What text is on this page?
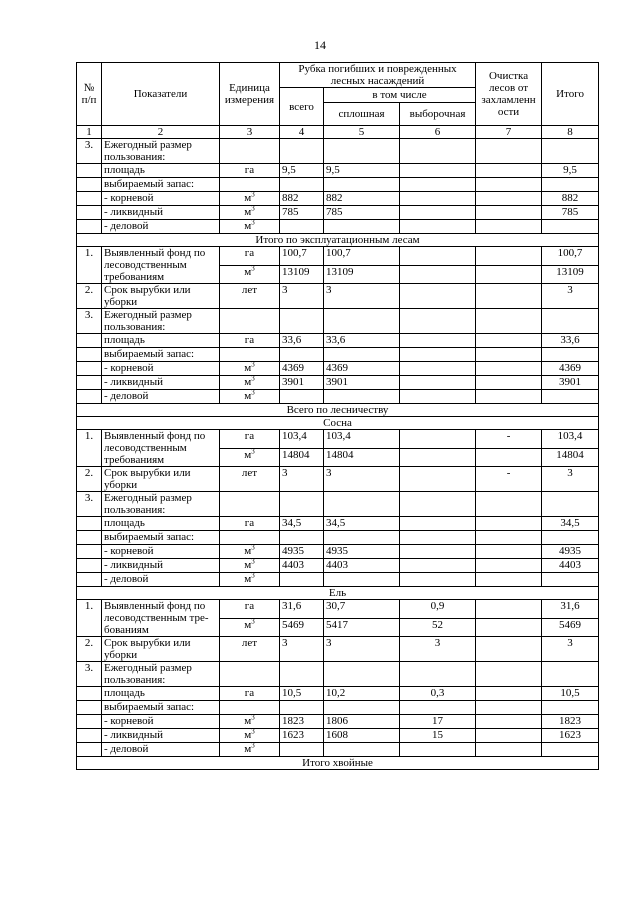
14
№ п/п	Показатели	Единица измерения	Рубка погибших и поврежденных лесных насаждений			Очистка лесов от захламленн ости	Итого
			всего	в том числе			
				сплошная	выборочная		
1	2	3	4	5	6	7	8
3.	Ежегодный размер пользования:						
	площадь	га	9,5	9,5			9,5
	выбираемый запас:						
	- корневой	$м^3$	882	882			882
	- ликвидный	$м^3$	785	785			785
	- деловой	$м^3$					
Итого по эксплуатационным лесам							
1.	Выявленный фонд по лесоводственным требованиям	га	100,7	100,7			100,7
		$м^3$	13109	13109			13109
2.	Срок вырубки или уборки	лет	3	3			3
3.	Ежегодный размер пользования:						
	площадь	га	33,6	33,6			33,6
	выбираемый запас:						
	- корневой	$м^3$	4369	4369			4369
	- ликвидный	$м^3$	3901	3901			3901
	- деловой	$м^3$					
Всего по лесничеству							
Сосна							
1.	Выявленный фонд по лесоводственным требованиям	га	103,4	103,4		-	103,4
		$м^3$	14804	14804			14804
2.	Срок вырубки или уборки	лет	3	3		-	3
3.	Ежегодный размер пользования:						
	площадь	га	34,5	34,5			34,5
	выбираемый запас:						
	- корневой	$м^3$	4935	4935			4935
	- ликвидный	$м^3$	4403	4403			4403
	- деловой	$м^3$					
Ель							
1.	Выявленный фонд по лесоводственным тре-бованиям	га	31,6	30,7	0,9		31,6
		$м^3$	5469	5417	52		5469
2.	Срок вырубки или уборки	лет	3	3	3		3
3.	Ежегодный размер пользования:						
	площадь	га	10,5	10,2	0,3		10,5
	выбираемый запас:						
	- корневой	$м^3$	1823	1806	17		1823
	- ликвидный	$м^3$	1623	1608	15		1623
	- деловой	$м^3$					
Итого хвойные							
